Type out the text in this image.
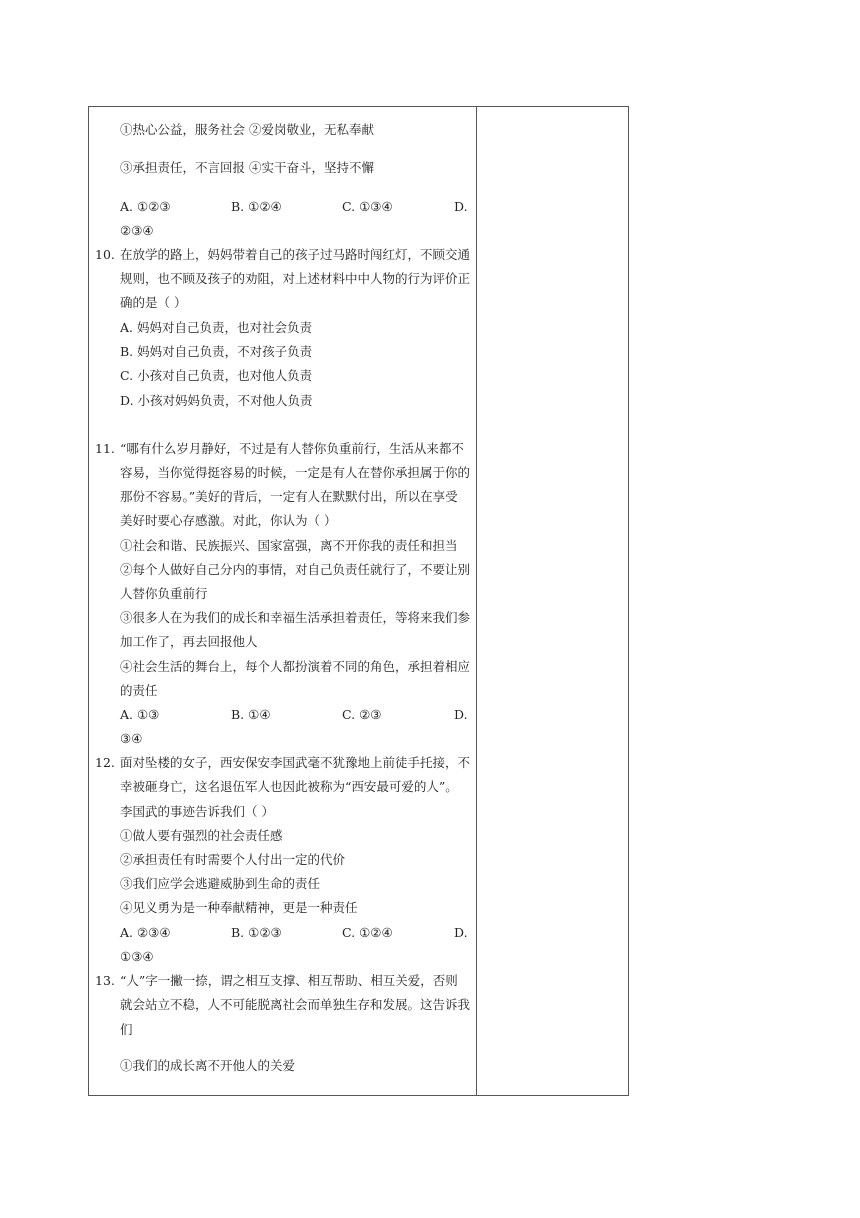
①热心公益，服务社会 ②爱岗敬业，无私奉献
③承担责任，不言回报 ④实干奋斗，坚持不懈
A. ①②③	B. ①②④	C. ①③④	D.
②③④
10. 在放学的路上，妈妈带着自己的孩子过马路时闯红灯，不顾交通
规则，也不顾及孩子的劝阻，对上述材料中中人物的行为评价正
确的是（ ）
A. 妈妈对自己负责，也对社会负责
B. 妈妈对自己负责，不对孩子负责
C. 小孩对自己负责，也对他人负责
D. 小孩对妈妈负责，不对他人负责
11. “哪有什么岁月静好，不过是有人替你负重前行，生活从来都不
容易，当你觉得挺容易的时候，一定是有人在替你承担属于你的
那份不容易。”美好的背后，一定有人在默默付出，所以在享受
美好时要心存感激。对此，你认为（ ）
①社会和谐、民族振兴、国家富强，离不开你我的责任和担当
②每个人做好自己分内的事情，对自己负责任就行了，不要让别
人替你负重前行
③很多人在为我们的成长和幸福生活承担着责任，等将来我们参
加工作了，再去回报他人
④社会生活的舞台上，每个人都扮演着不同的角色，承担着相应
的责任
A. ①③	B. ①④	C. ②③	D.
③④
12. 面对坠楼的女子，西安保安李国武毫不犹豫地上前徒手托接，不
幸被砸身亡，这名退伍军人也因此被称为“西安最可爱的人”。
李国武的事迹告诉我们（ ）
①做人要有强烈的社会责任感
②承担责任有时需要个人付出一定的代价
③我们应学会逃避威胁到生命的责任
④见义勇为是一种奉献精神，更是一种责任
A. ②③④	B. ①②③	C. ①②④	D.
①③④
13. “人”字一撇一捺，谓之相互支撑、相互帮助、相互关爱，否则
就会站立不稳，人不可能脱离社会而单独生存和发展。这告诉我
们
①我们的成长离不开他人的关爱
